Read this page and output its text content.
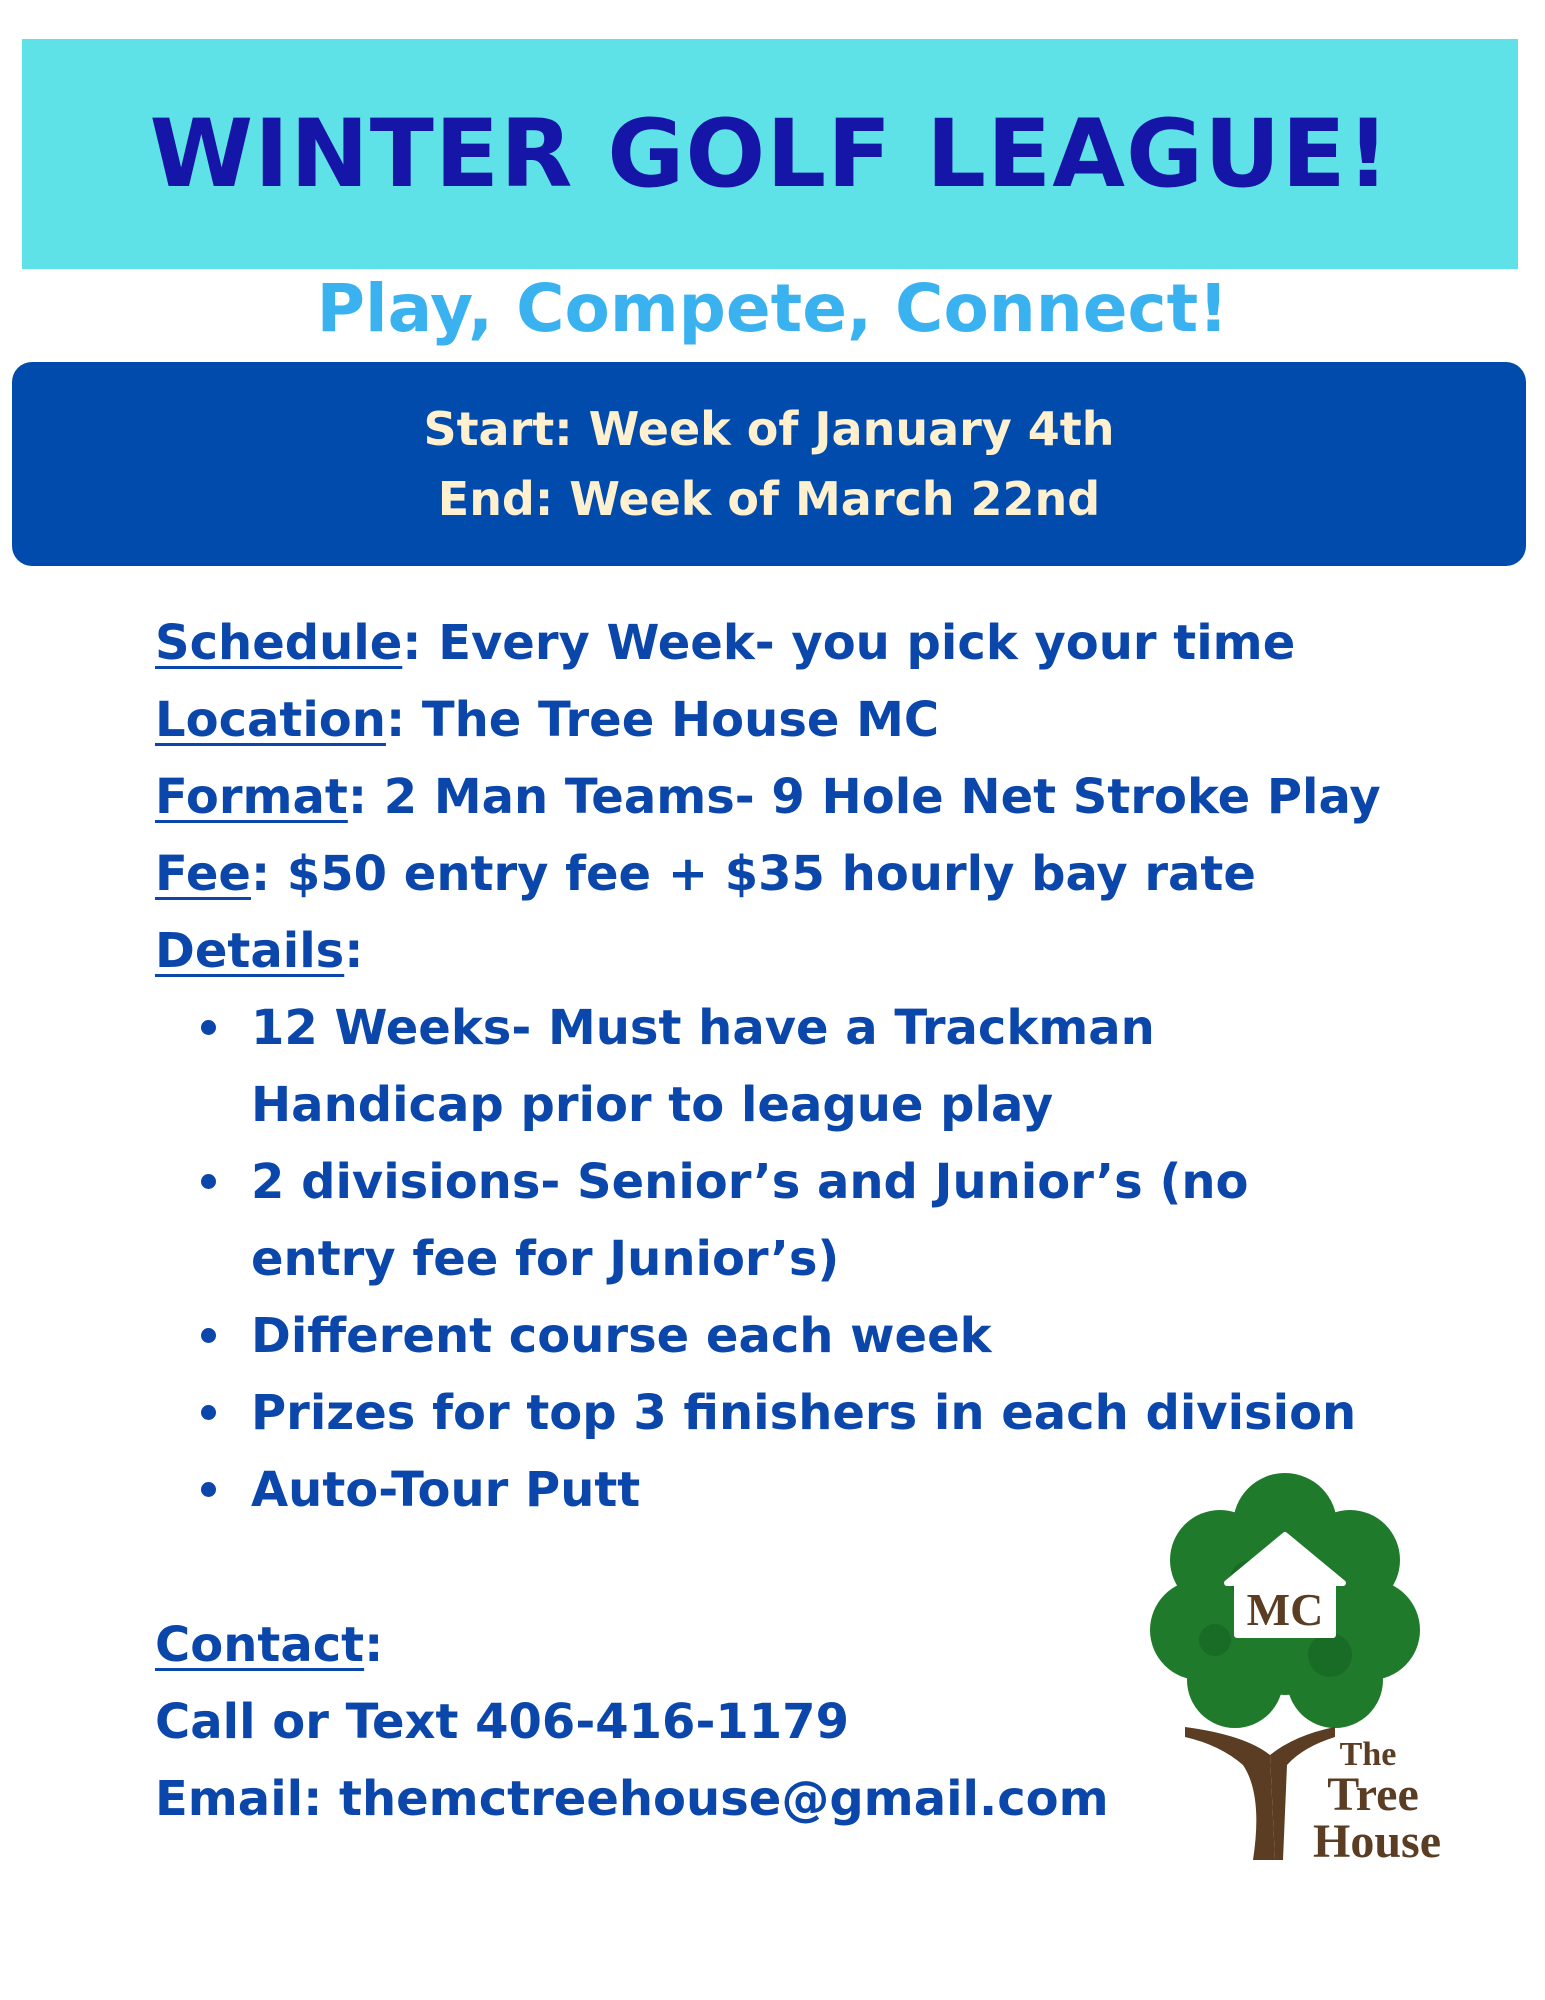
WINTER GOLF LEAGUE!
Play, Compete, Connect!
Start: Week of January 4th
End: Week of March 22nd
Schedule: Every Week- you pick your time
Location: The Tree House MC
Format: 2 Man Teams- 9 Hole Net Stroke Play
Fee: $50 entry fee + $35 hourly bay rate
Details:
12 Weeks- Must have a Trackman Handicap prior to league play
2 divisions- Senior’s and Junior’s (no entry fee for Junior’s)
Different course each week
Prizes for top 3 finishers in each division
Auto-Tour Putt
Contact:
Call or Text 406-416-1179
Email: themctreehouse@gmail.com
MC
The
Tree
House
